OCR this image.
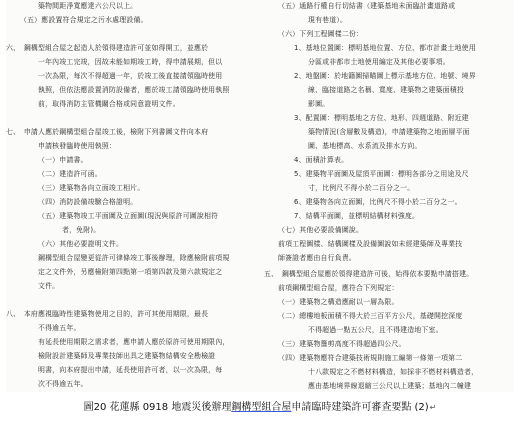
築物間距淨寬應達六公尺以上。
（五）應設置符合規定之污水處理設備。
六、　鋼構型組合屋之起造人於領得建造許可並如得開工，並應於
一年內竣工完竣，因故未能如期竣工時，得申請展期，但以
一次為限，每次不得超過一年，於竣工後直接請領臨時使用
執照，但依法應設置消防設備者，應於竣工請領臨時使用執照
前，取得消防主管機關合格或同意證明文件。
七、　申請人應於鋼構型組合屋竣工後，檢附下列書圖文件向本府
申請核發臨時使用執照：
（一）申請書。
（二）建造許可函。
（三）建築物各向立面竣工相片。
（四）消防設備竣驗合格證明。
（五）建築物竣工平面圖及立面圖(現況與原許可圖說相符
者，免附)。
（六）其他必要證明文件。
鋼構型組合屋變更從許可律條竣工事後辦理，除應檢附前項規
定之文件外，另應檢附第四點第一項第四款及第六款規定之
文件。
八、　本府應視臨時性建築物使用之目的，許可其使用期限，最長
不得逾五年。
有延長使用期限之需求者，應申請人應於原許可使用期限內，
檢附設計建築師及專業技師出具之建築物結構安全勘檢證
明書，向本府提出申請，延長使用許可者，以一次為限，每
次不得逾五年。
（五）通路行權自行切結書（建築基地未面臨計畫道路或
現有巷道）。
（六）下列工程圖樣二份：
1、基地位置圖：標明基地位置、方位、都市計畫土地使用
分區或非都市土地使用編定及其他必要事項。
2、地盤圖：於地籍圖掃瞄圖上標示基地方位、地號、境界
線、臨接道路之名稱、寬度、建築物之建築面積投
影圖。
3、配置圖：標明基地之方位、地形、四週道路、附近建
築物情況(含層數及構造)，申請建築物之地面層平面
圖、基地標高、水系流及排水方向。
4、面積計算表。
5、建築物平面圖及屋頂平面圖：標明各部分之用途及尺
寸，比例尺不得小於二百分之一。
6、建築物各向立面圖，比例尺不得小於二百分之一。
7、結構平面圖，並標明結構材料強度。
（七）其他必要設備圖說。
前項工程圖樣、結構圖樣及設備圖說如未經建築師及專業技
師簽證者應由自行負責。
五、　鋼構型組合屋應於領得建造許可後，始得依本要點申請搭建。
前項鋼構型組合屋，應符合下列規定：
（一）建築物之構造應耐以一層為限。
（二）總樓地板面積不得大於三百平方公尺，基礎開挖深度
不得超過一點五公尺，且不得建造地下室。
（三）建築物簷剪高度不得超過四公尺。
（四）建築物應符合建築技術規則施工編第一條第一項第二
十八款規定之不燃材料構造，如採非不燃材料構造者，
應由基地境界線退縮三公尺以上建築；基地內二幢建
圖20 花蓮縣 0918 地震災後辦理鋼構型組合屋申請臨時建築許可審查要點 (2)↵
